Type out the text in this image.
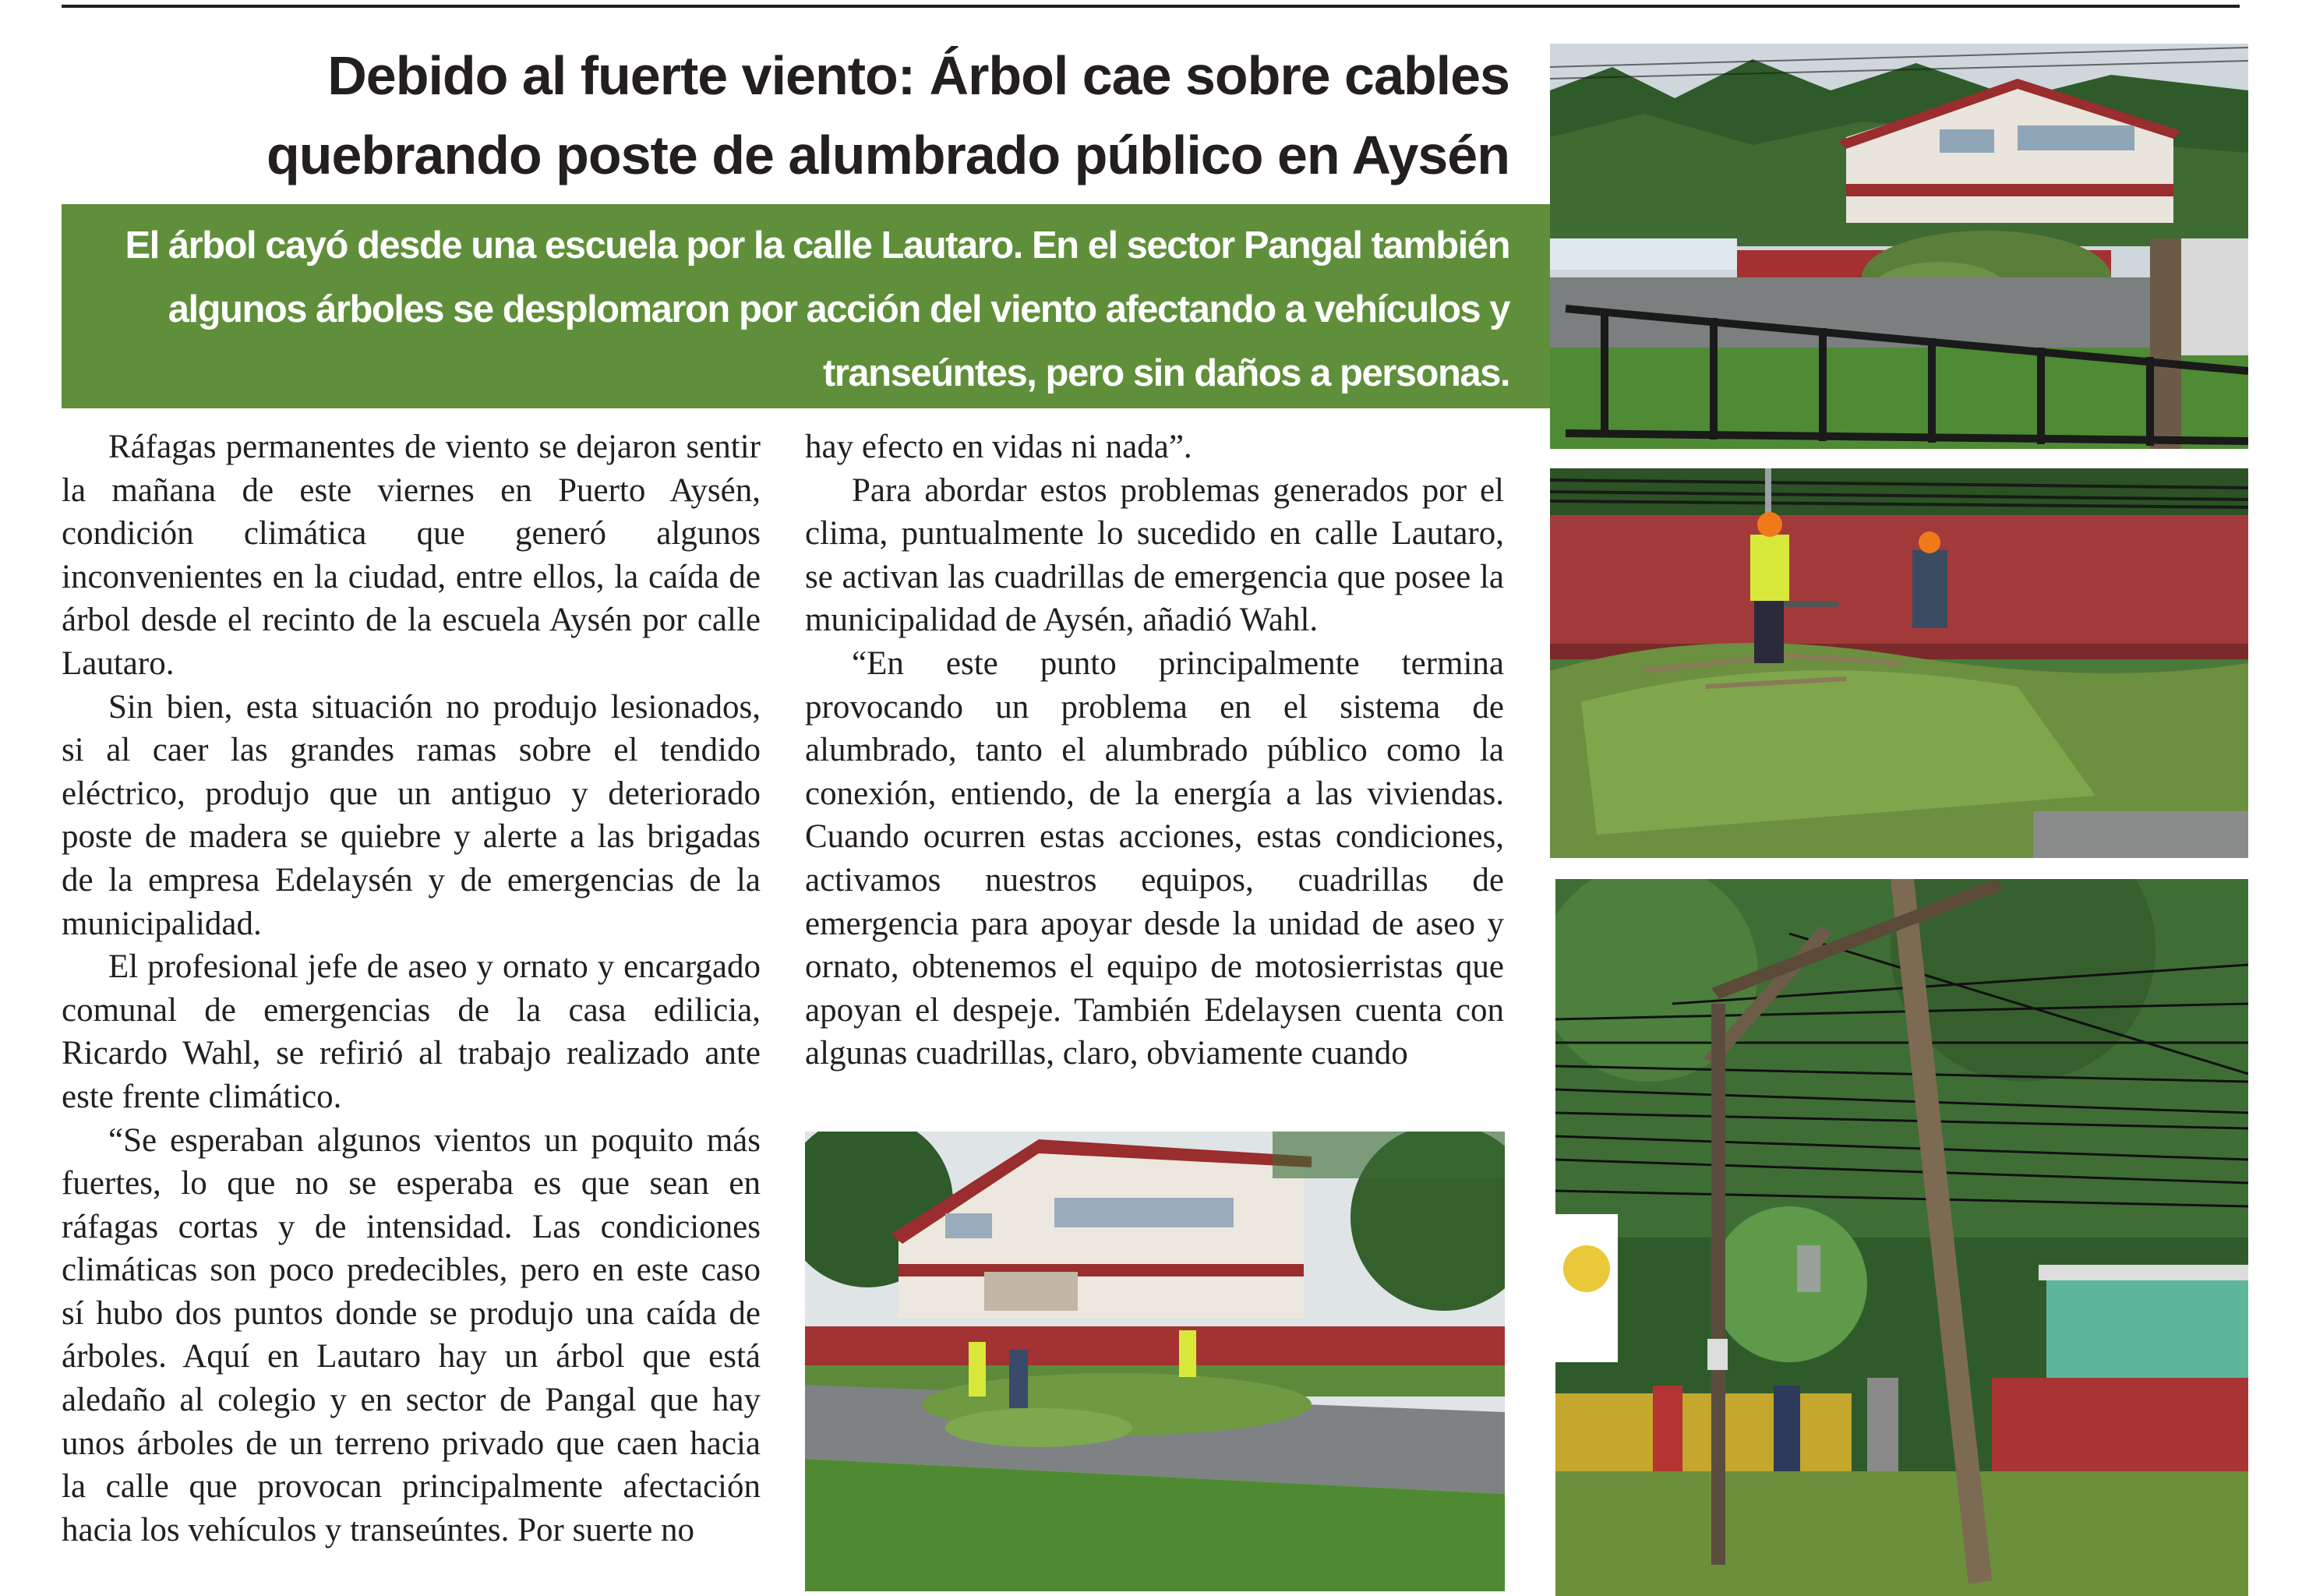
Debido al fuerte viento: Árbol cae sobre cables quebrando poste de alumbrado público en Aysén
El árbol cayó desde una escuela por la calle Lautaro. En el sector Pangal también algunos árboles se desplomaron por acción del viento afectando a vehículos y transeúntes, pero sin daños a personas.

Ráfagas permanentes de viento se dejaron sentir la mañana de este viernes en Puerto Aysén, condición climática que generó algunos inconvenientes en la ciudad, entre ellos, la caída de árbol desde el recinto de la escuela Aysén por calle Lautaro.

Sin bien, esta situación no produjo lesionados, si al caer las grandes ramas sobre el tendido eléctrico, produjo que un antiguo y deteriorado poste de madera se quiebre y alerte a las brigadas de la empresa Edelaysén y de emergencias de la municipalidad.

El profesional jefe de aseo y ornato y encargado comunal de emergencias de la casa edilicia, Ricardo Wahl, se refirió al trabajo realizado ante este frente climático.

“Se esperaban algunos vientos un poquito más fuertes, lo que no se esperaba es que sean en ráfagas cortas y de intensidad. Las condiciones climáticas son poco predecibles, pero en este caso sí hubo dos puntos donde se produjo una caída de árboles. Aquí en Lautaro hay un árbol que está aledaño al colegio y en sector de Pangal que hay unos árboles de un terreno privado que caen hacia la calle que provocan principalmente afectación hacia los vehículos y transeúntes. Por suerte no

hay efecto en vidas ni nada”.

Para abordar estos problemas generados por el clima, puntualmente lo sucedido en calle Lautaro, se activan las cuadrillas de emergencia que posee la municipalidad de Aysén, añadió Wahl.

“En este punto principalmente termina provocando un problema en el sistema de alumbrado, tanto el alumbrado público como la conexión, entiendo, de la energía a las viviendas. Cuando ocurren estas acciones, estas condiciones, activamos nuestros equipos, cuadrillas de emergencia para apoyar desde la unidad de aseo y ornato, obtenemos el equipo de motosierristas que apoyan el despeje. También Edelaysen cuenta con algunas cuadrillas, claro, obviamente cuando
